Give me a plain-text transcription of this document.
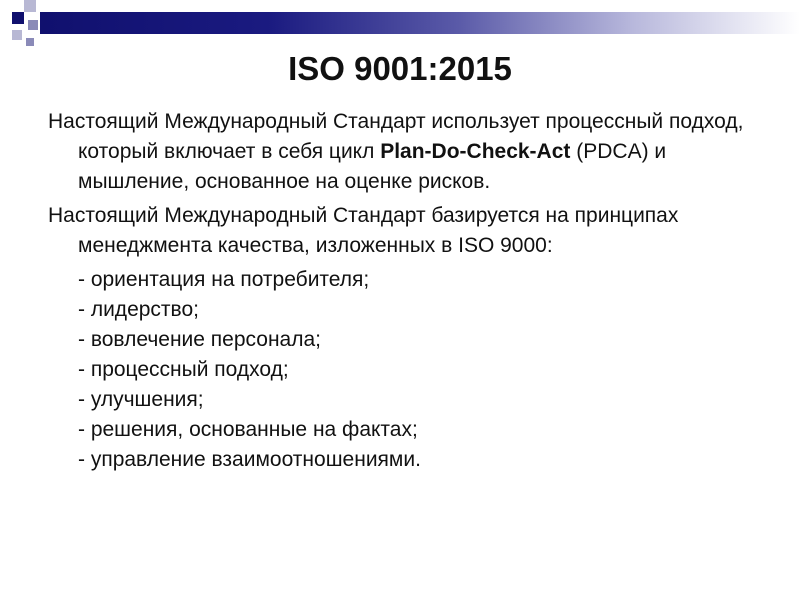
ISO 9001:2015

Настоящий Международный Стандарт использует процессный подход, который включает в себя цикл Plan-Do-Check-Act (PDCA) и мышление, основанное на оценке рисков.

Настоящий Международный Стандарт базируется на принципах менеджмента качества, изложенных в ISO 9000:

- ориентация на потребителя;
- лидерство;
- вовлечение персонала;
- процессный подход;
- улучшения;
- решения, основанные на фактах;
- управление взаимоотношениями.
